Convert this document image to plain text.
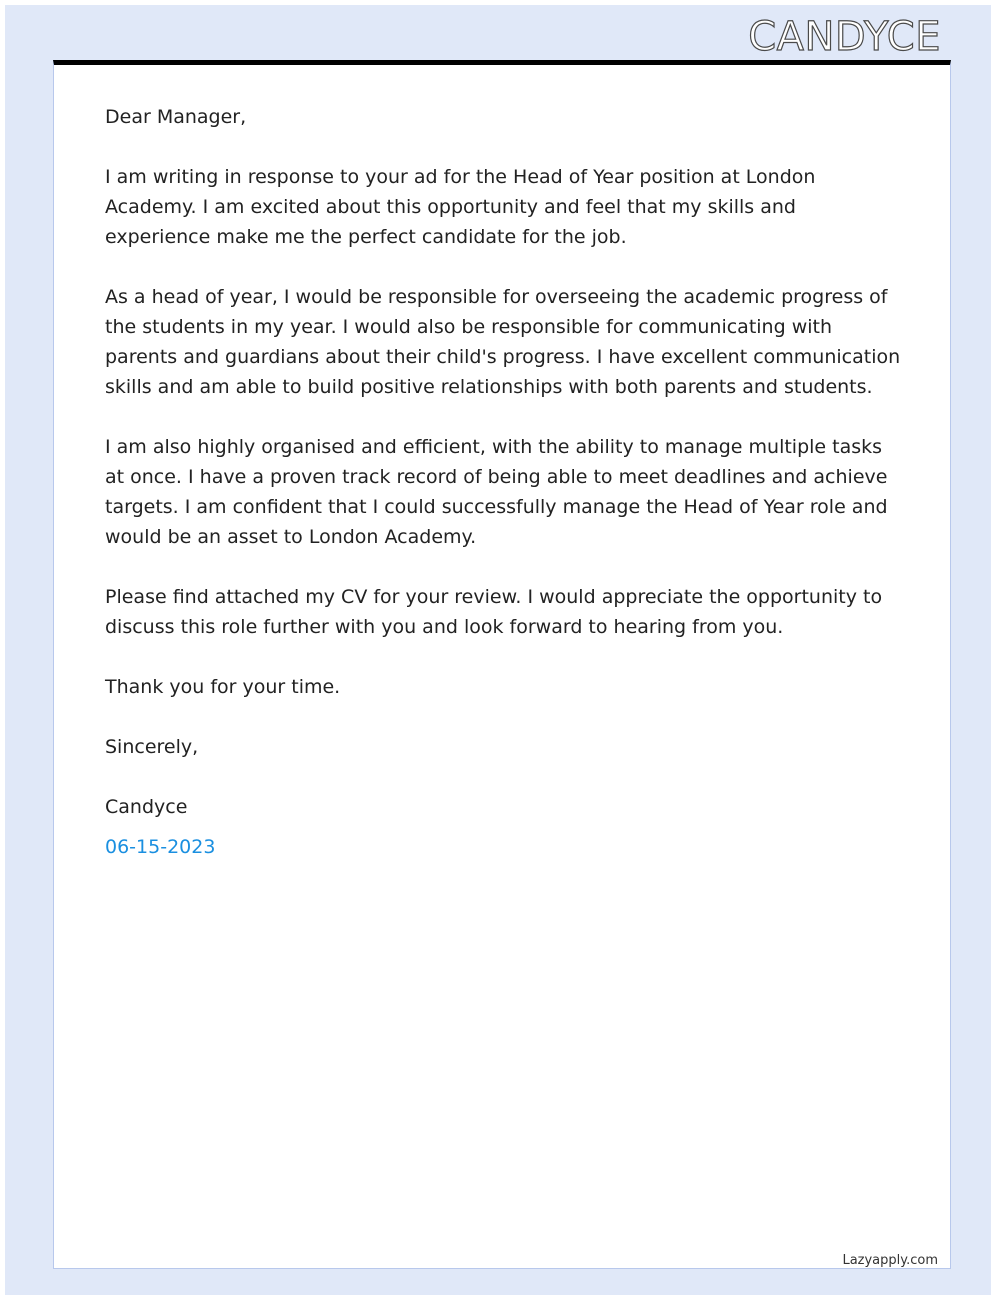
CANDYCE

Dear Manager,

I am writing in response to your ad for the Head of Year position at London Academy. I am excited about this opportunity and feel that my skills and experience make me the perfect candidate for the job.

As a head of year, I would be responsible for overseeing the academic progress of the students in my year. I would also be responsible for communicating with parents and guardians about their child's progress. I have excellent communication skills and am able to build positive relationships with both parents and students.

I am also highly organised and efficient, with the ability to manage multiple tasks at once. I have a proven track record of being able to meet deadlines and achieve targets. I am confident that I could successfully manage the Head of Year role and would be an asset to London Academy.

Please find attached my CV for your review. I would appreciate the opportunity to discuss this role further with you and look forward to hearing from you.

Thank you for your time.

Sincerely,

Candyce

06-15-2023
Lazyapply.com
